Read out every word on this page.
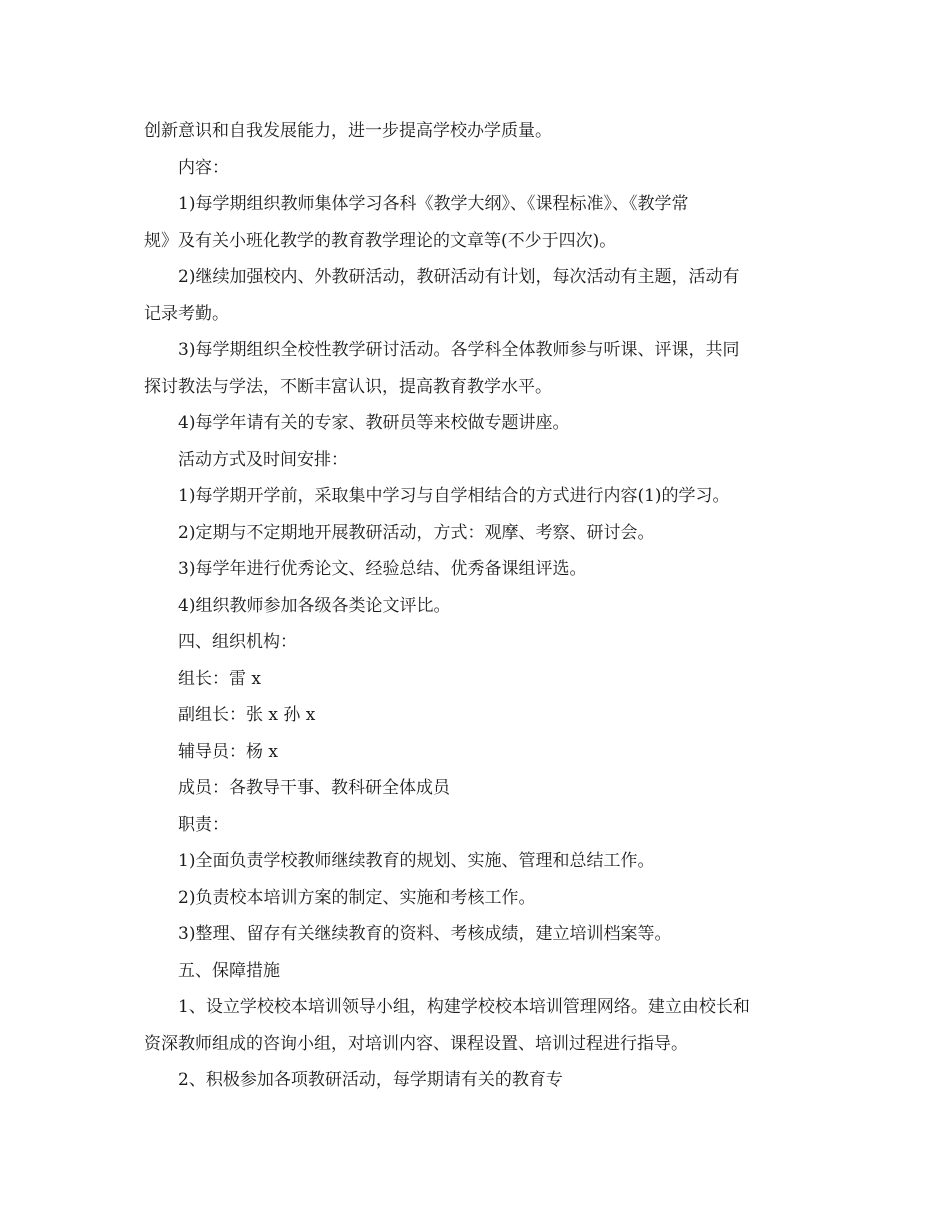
创新意识和自我发展能力，进一步提高学校办学质量。

内容：

1)每学期组织教师集体学习各科《教学大纲》、《课程标准》、《教学常
规》及有关小班化教学的教育教学理论的文章等(不少于四次)。

2)继续加强校内、外教研活动，教研活动有计划，每次活动有主题，活动有
记录考勤。

3)每学期组织全校性教学研讨活动。各学科全体教师参与听课、评课，共同
探讨教法与学法，不断丰富认识，提高教育教学水平。

4)每学年请有关的专家、教研员等来校做专题讲座。

活动方式及时间安排：

1)每学期开学前，采取集中学习与自学相结合的方式进行内容(1)的学习。

2)定期与不定期地开展教研活动，方式：观摩、考察、研讨会。

3)每学年进行优秀论文、经验总结、优秀备课组评选。

4)组织教师参加各级各类论文评比。

四、组织机构：

组长：雷 x

副组长：张 x 孙 x

辅导员：杨 x

成员：各教导干事、教科研全体成员

职责：

1)全面负责学校教师继续教育的规划、实施、管理和总结工作。

2)负责校本培训方案的制定、实施和考核工作。

3)整理、留存有关继续教育的资料、考核成绩，建立培训档案等。

五、保障措施

1、设立学校校本培训领导小组，构建学校校本培训管理网络。建立由校长和
资深教师组成的咨询小组，对培训内容、课程设置、培训过程进行指导。

2、积极参加各项教研活动，每学期请有关的教育专
